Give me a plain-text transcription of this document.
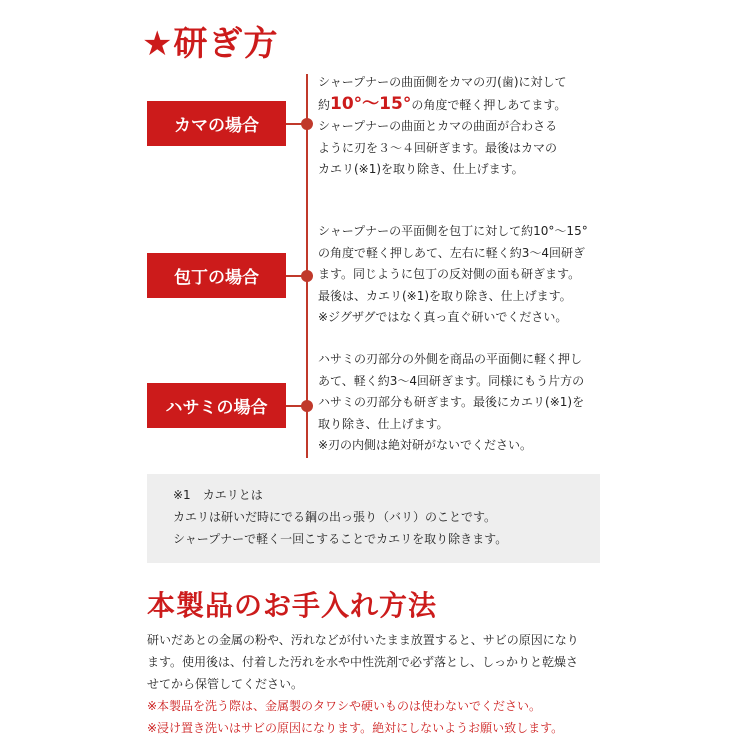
★研ぎ方
カマの場合
シャープナーの曲面側をカマの刃(歯)に対して
約10°～15°の角度で軽く押しあてます。
シャープナーの曲面とカマの曲面が合わさる
ように刃を３～４回研ぎます。最後はカマの
カエリ(※1)を取り除き、仕上げます。
包丁の場合
シャープナーの平面側を包丁に対して約10°～15°
の角度で軽く押しあて、左右に軽く約3～4回研ぎ
ます。同じように包丁の反対側の面も研ぎます。
最後は、カエリ(※1)を取り除き、仕上げます。
※ジグザグではなく真っ直ぐ研いでください。
ハサミの場合
ハサミの刃部分の外側を商品の平面側に軽く押し
あて、軽く約3～4回研ぎます。同様にもう片方の
ハサミの刃部分も研ぎます。最後にカエリ(※1)を
取り除き、仕上げます。
※刃の内側は絶対研がないでください。
※1　カエリとは
カエリは研いだ時にでる鋼の出っ張り（バリ）のことです。
シャープナーで軽く一回こすることでカエリを取り除きます。
本製品のお手入れ方法
研いだあとの金属の粉や、汚れなどが付いたまま放置すると、サビの原因になり
ます。使用後は、付着した汚れを水や中性洗剤で必ず落とし、しっかりと乾燥さ
せてから保管してください。
※本製品を洗う際は、金属製のタワシや硬いものは使わないでください。
※浸け置き洗いはサビの原因になります。絶対にしないようお願い致します。
